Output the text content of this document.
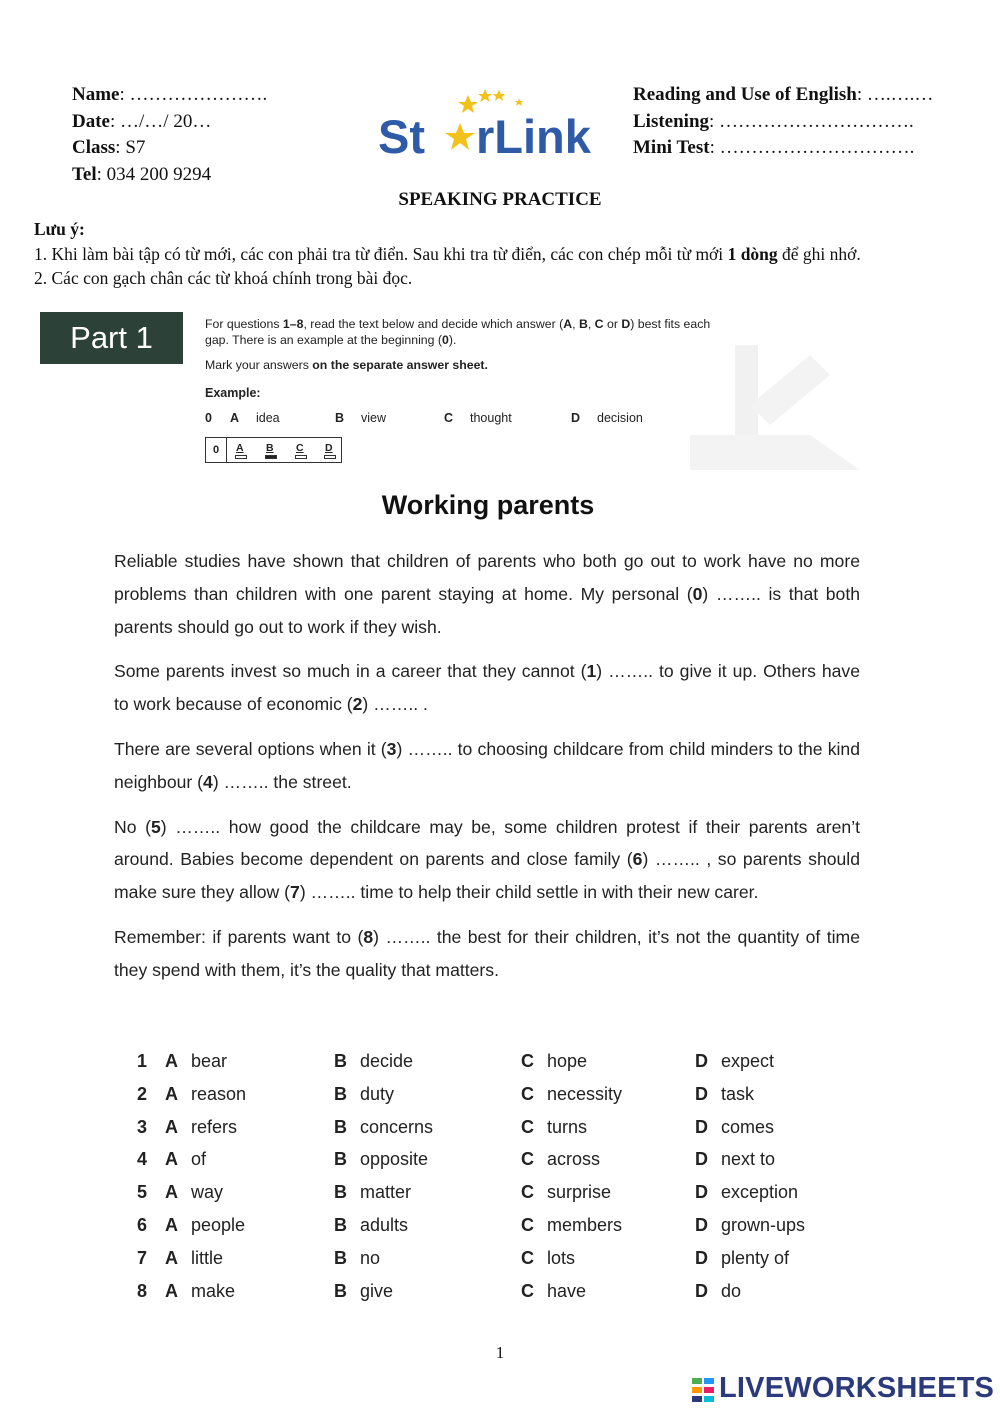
Name: ………………….
Date: …/…/ 20…
Class: S7
Tel: 034 200 9294
St rLink
Reading and Use of English: ….….…
Listening: ………………………….
Mini Test: ………………………….
SPEAKING PRACTICE
Lưu ý:
1. Khi làm bài tập có từ mới, các con phải tra từ điển. Sau khi tra từ điển, các con chép mỗi từ mới 1 dòng để ghi nhớ.
2. Các con gạch chân các từ khoá chính trong bài đọc.
Part 1	For questions 1–8, read the text below and decide which answer (A, B, C or D) best fits each gap. There is an example at the beginning (0).

Mark your answers on the separate answer sheet.

Example:
0 A idea	B view	C thought	D decision
0	A B C D
Working parents

Reliable studies have shown that children of parents who both go out to work have no more problems than children with one parent staying at home. My personal (0) …….. is that both parents should go out to work if they wish.

Some parents invest so much in a career that they cannot (1) …….. to give it up. Others have to work because of economic (2) …….. .

There are several options when it (3) …….. to choosing childcare from child minders to the kind neighbour (4) …….. the street.

No (5) …….. how good the childcare may be, some children protest if their parents aren’t around. Babies become dependent on parents and close family (6) …….. , so parents should make sure they allow (7) …….. time to help their child settle in with their new carer.

Remember: if parents want to (8) …….. the best for their children, it’s not the quantity of time they spend with them, it’s the quality that matters.

1 A bear	B decide	C hope	D expect
2 A reason	B duty	C necessity	D task
3 A refers	B concerns	C turns	D comes
4 A of	B opposite	C across	D next to
5 A way	B matter	C surprise	D exception
6 A people	B adults	C members	D grown-ups
7 A little	B no	C lots	D plenty of
8 A make	B give	C have	D do
1
LIVEWORKSHEETS
